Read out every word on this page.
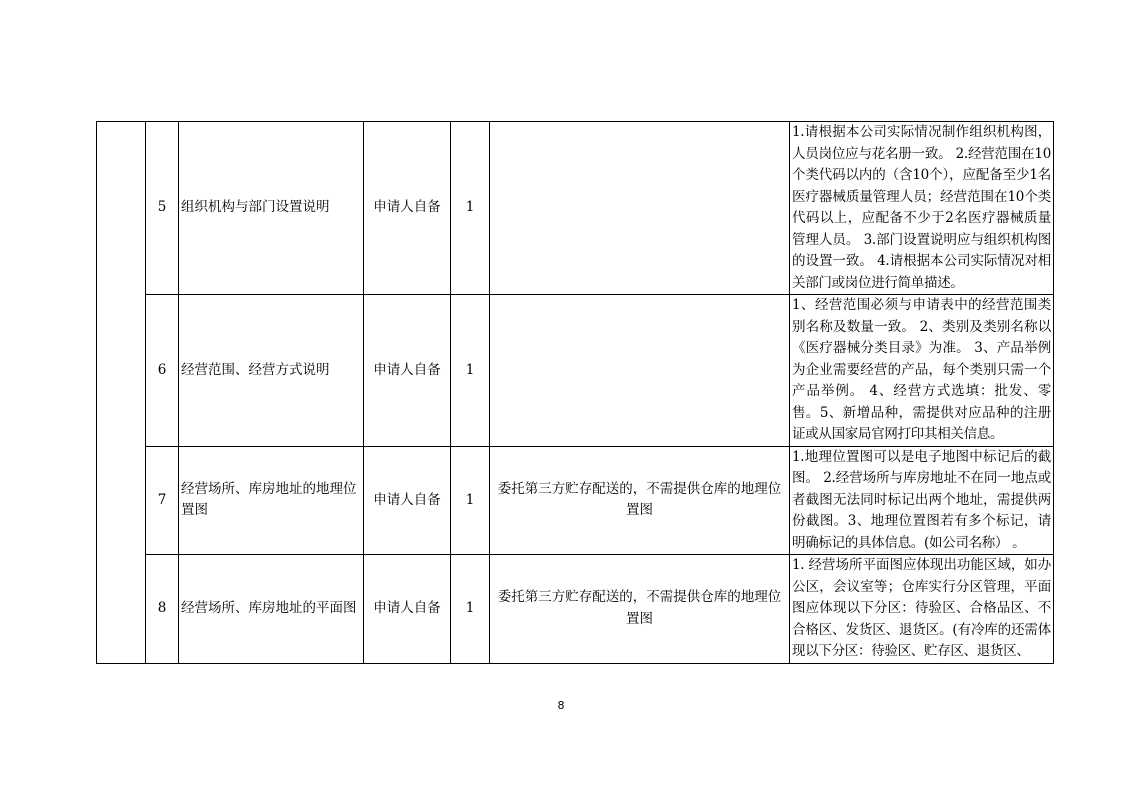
	5	组织机构与部门设置说明	申请人自备	1		1.请根据本公司实际情况制作组织机构图，人员岗位应与花名册一致。 2.经营范围在10个类代码以内的（含10个），应配备至少1名医疗器械质量管理人员；经营范围在10个类代码以上，应配备不少于2名医疗器械质量管理人员。 3.部门设置说明应与组织机构图的设置一致。 4.请根据本公司实际情况对相关部门或岗位进行简单描述。
	6	经营范围、经营方式说明	申请人自备	1		1、经营范围必须与申请表中的经营范围类别名称及数量一致。 2、类别及类别名称以《医疗器械分类目录》为准。 3、产品举例为企业需要经营的产品，每个类别只需一个产品举例。 4、经营方式选填：批发、零售。5、新增品种，需提供对应品种的注册证或从国家局官网打印其相关信息。
	7	经营场所、库房地址的地理位置图	申请人自备	1	委托第三方贮存配送的，不需提供仓库的地理位置图	1.地理位置图可以是电子地图中标记后的截图。 2.经营场所与库房地址不在同一地点或者截图无法同时标记出两个地址，需提供两份截图。3、地理位置图若有多个标记，请明确标记的具体信息。(如公司名称） 。
	8	经营场所、库房地址的平面图	申请人自备	1	委托第三方贮存配送的，不需提供仓库的地理位置图	1. 经营场所平面图应体现出功能区域，如办公区，会议室等；仓库实行分区管理，平面图应体现以下分区：待验区、合格品区、不合格区、发货区、退货区。(有冷库的还需体现以下分区：待验区、贮存区、退货区、
8
